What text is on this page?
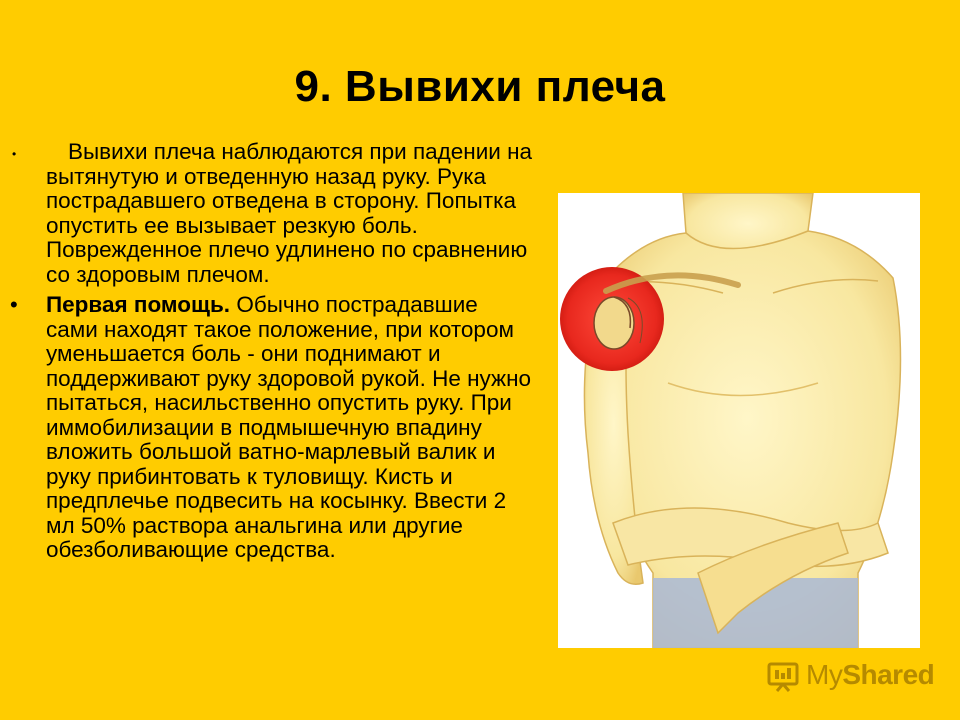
9. Вывихи плеча
• Вывихи плеча наблюдаются при падении на вытянутую и отведенную назад руку. Рука пострадавшего отведена в сторону. Попытка опустить ее вызывает резкую боль. Поврежденное плечо удлинено по сравнению со здоровым плечом.
• Первая помощь. Обычно пострадавшие сами находят такое положение, при котором уменьшается боль - они поднимают и поддерживают руку здоровой рукой. Не нужно пытаться, насильственно опустить руку. При иммобилизации в подмышечную впадину вложить большой ватно-марлевый валик и руку прибинтовать к туловищу. Кисть и предплечье подвесить на косынку. Ввести 2 мл 50% раствора анальгина или другие обезболивающие средства.
MyShared
